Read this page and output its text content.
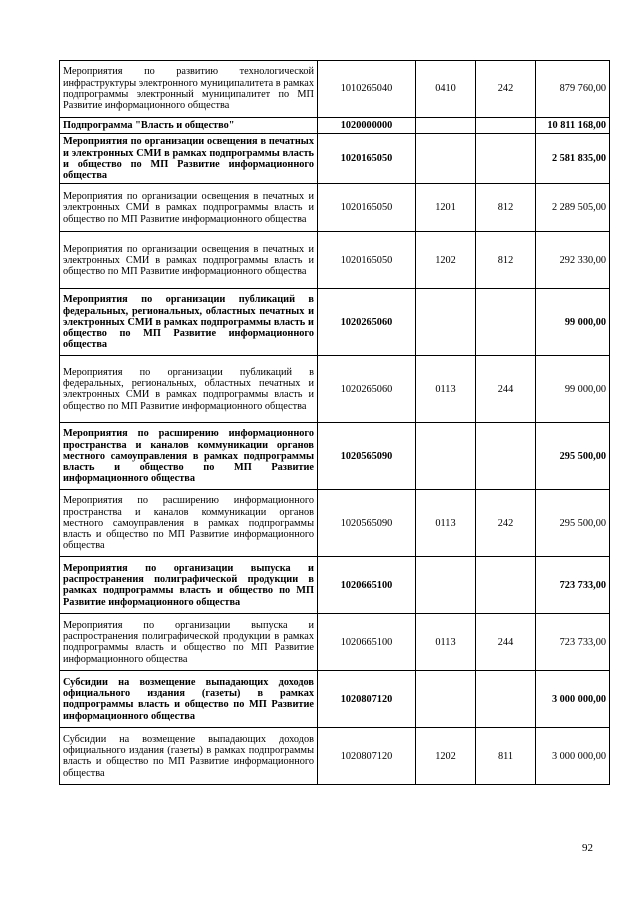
Мероприятия по развитию технологической инфраструктуры электронного муниципалитета в рамках подпрограммы электронный муниципалитет по МП Развитие информационного общества	1010265040	0410	242	879 760,00
Подпрограмма "Власть и общество"	1020000000			10 811 168,00
Мероприятия по организации освещения в печатных и электронных СМИ в рамках подпрограммы власть и общество по МП Развитие информационного общества	1020165050			2 581 835,00
Мероприятия по организации освещения в печатных и электронных СМИ в рамках подпрограммы власть и общество по МП Развитие информационного общества	1020165050	1201	812	2 289 505,00
Мероприятия по организации освещения в печатных и электронных СМИ в рамках подпрограммы власть и общество по МП Развитие информационного общества	1020165050	1202	812	292 330,00
Мероприятия по организации публикаций в федеральных, региональных, областных печатных и электронных СМИ в рамках подпрограммы власть и общество по МП Развитие информационного общества	1020265060			99 000,00
Мероприятия по организации публикаций в федеральных, региональных, областных печатных и электронных СМИ в рамках подпрограммы власть и общество по МП Развитие информационного общества	1020265060	0113	244	99 000,00
Мероприятия по расширению информационного пространства и каналов коммуникации органов местного самоуправления в рамках подпрограммы власть и общество по МП Развитие информационного общества	1020565090			295 500,00
Мероприятия по расширению информационного пространства и каналов коммуникации органов местного самоуправления в рамках подпрограммы власть и общество по МП Развитие информационного общества	1020565090	0113	242	295 500,00
Мероприятия по организации выпуска и распространения полиграфической продукции в рамках подпрограммы власть и общество по МП Развитие информационного общества	1020665100			723 733,00
Мероприятия по организации выпуска и распространения полиграфической продукции в рамках подпрограммы власть и общество по МП Развитие информационного общества	1020665100	0113	244	723 733,00
Субсидии на возмещение выпадающих доходов официального издания (газеты) в рамках подпрограммы власть и общество по МП Развитие информационного общества	1020807120			3 000 000,00
Субсидии на возмещение выпадающих доходов официального издания (газеты) в рамках подпрограммы власть и общество по МП Развитие информационного общества	1020807120	1202	811	3 000 000,00
92
